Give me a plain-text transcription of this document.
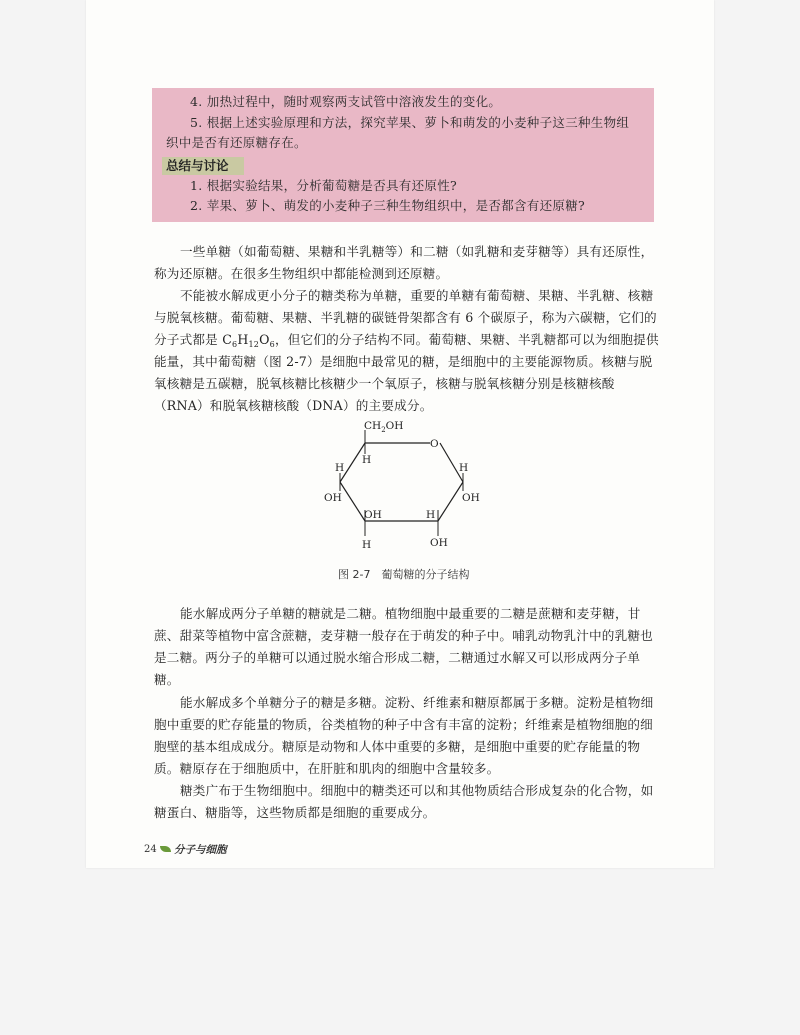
4. 加热过程中，随时观察两支试管中溶液发生的变化。
5. 根据上述实验原理和方法，探究苹果、萝卜和萌发的小麦种子这三种生物组
织中是否有还原糖存在。
总结与讨论
1. 根据实验结果，分析葡萄糖是否具有还原性?
2. 苹果、萝卜、萌发的小麦种子三种生物组织中，是否都含有还原糖?
一些单糖（如葡萄糖、果糖和半乳糖等）和二糖（如乳糖和麦芽糖等）具有还原性，
称为还原糖。在很多生物组织中都能检测到还原糖。
不能被水解成更小分子的糖类称为单糖，重要的单糖有葡萄糖、果糖、半乳糖、核糖
与脱氧核糖。葡萄糖、果糖、半乳糖的碳链骨架都含有 6 个碳原子，称为六碳糖，它们的
分子式都是 $C_6H_{12}O_6$，但它们的分子结构不同。葡萄糖、果糖、半乳糖都可以为细胞提供
能量，其中葡萄糖（图 2-7）是细胞中最常见的糖，是细胞中的主要能源物质。核糖与脱
氧核糖是五碳糖，脱氧核糖比核糖少一个氧原子，核糖与脱氧核糖分别是核糖核酸
（RNA）和脱氧核糖核酸（DNA）的主要成分。
$CH_2OH$
O
H
H	H
OH	OH
OH	H
H	OH
图 2-7　葡萄糖的分子结构
能水解成两分子单糖的糖就是二糖。植物细胞中最重要的二糖是蔗糖和麦芽糖，甘
蔗、甜菜等植物中富含蔗糖，麦芽糖一般存在于萌发的种子中。哺乳动物乳汁中的乳糖也
是二糖。两分子的单糖可以通过脱水缩合形成二糖，二糖通过水解又可以形成两分子单
糖。
能水解成多个单糖分子的糖是多糖。淀粉、纤维素和糖原都属于多糖。淀粉是植物细
胞中重要的贮存能量的物质，谷类植物的种子中含有丰富的淀粉；纤维素是植物细胞的细
胞壁的基本组成成分。糖原是动物和人体中重要的多糖，是细胞中重要的贮存能量的物
质。糖原存在于细胞质中，在肝脏和肌肉的细胞中含量较多。
糖类广布于生物细胞中。细胞中的糖类还可以和其他物质结合形成复杂的化合物，如
糖蛋白、糖脂等，这些物质都是细胞的重要成分。
24 分子与细胞
